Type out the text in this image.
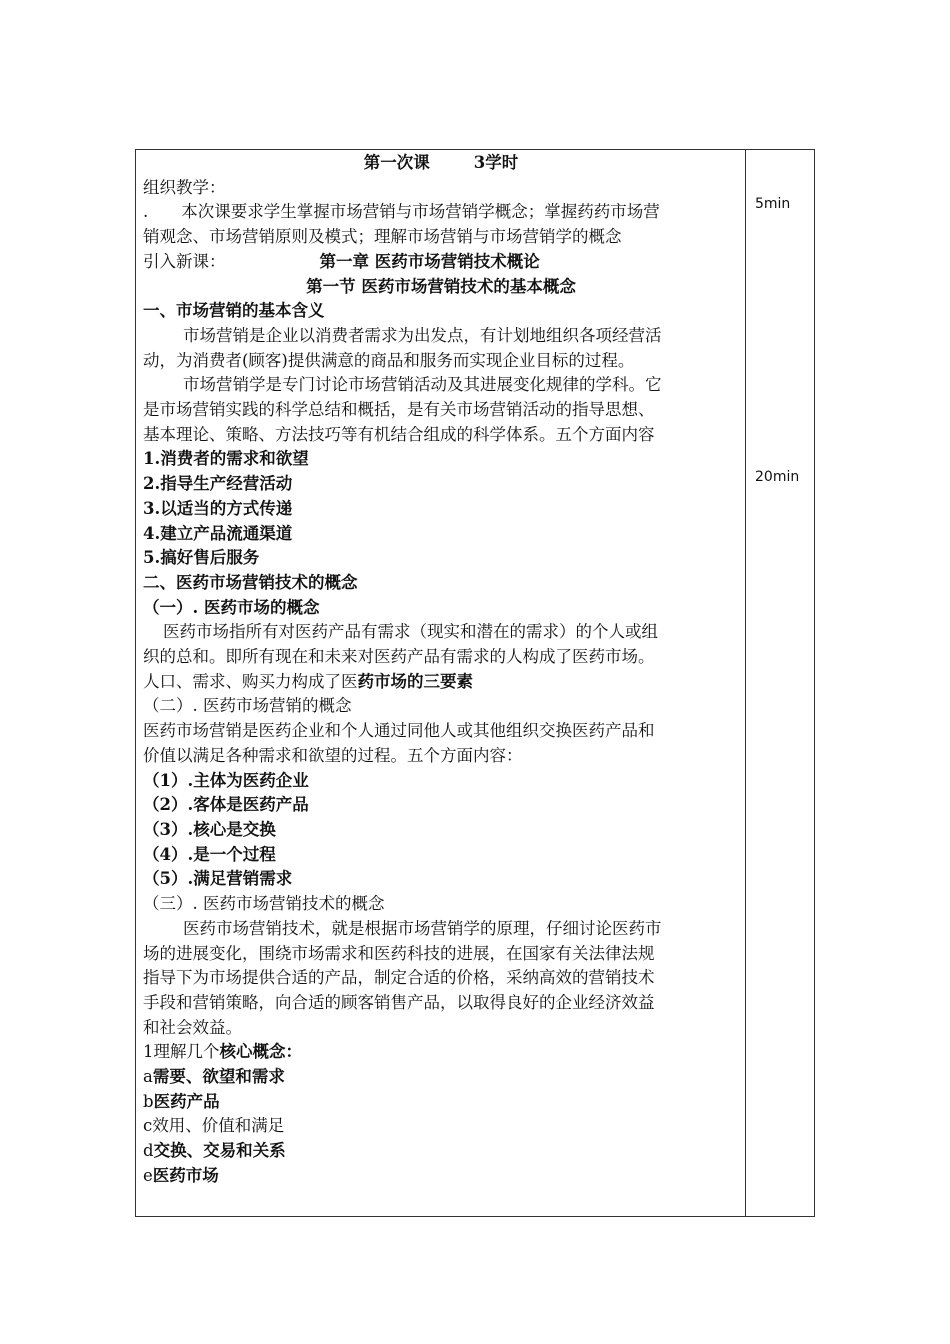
5min
20min
第一次课	3学时
组织教学：
. 本次课要求学生掌握市场营销与市场营销学概念；掌握药药市场营
销观念、市场营销原则及模式；理解市场营销与市场营销学的概念
引入新课：	第一章 医药市场营销技术概论
第一节 医药市场营销技术的基本概念
一、市场营销的基本含义
市场营销是企业以消费者需求为出发点，有计划地组织各项经营活
动，为消费者(顾客)提供满意的商品和服务而实现企业目标的过程。
市场营销学是专门讨论市场营销活动及其进展变化规律的学科。它
是市场营销实践的科学总结和概括，是有关市场营销活动的指导思想、
基本理论、策略、方法技巧等有机结合组成的科学体系。五个方面内容
1.消费者的需求和欲望
2.指导生产经营活动
3.以适当的方式传递
4.建立产品流通渠道
5.搞好售后服务
二、医药市场营销技术的概念
（一）. 医药市场的概念
医药市场指所有对医药产品有需求（现实和潜在的需求）的个人或组
织的总和。即所有现在和未来对医药产品有需求的人构成了医药市场。
人口、需求、购买力构成了医药市场的三要素
（二）. 医药市场营销的概念
医药市场营销是医药企业和个人通过同他人或其他组织交换医药产品和
价值以满足各种需求和欲望的过程。五个方面内容：
（1）.主体为医药企业
（2）.客体是医药产品
（3）.核心是交换
（4）.是一个过程
（5）.满足营销需求
（三）. 医药市场营销技术的概念
医药市场营销技术，就是根据市场营销学的原理，仔细讨论医药市
场的进展变化，围绕市场需求和医药科技的进展，在国家有关法律法规
指导下为市场提供合适的产品，制定合适的价格，采纳高效的营销技术
手段和营销策略，向合适的顾客销售产品，以取得良好的企业经济效益
和社会效益。
1理解几个核心概念：
a需要、欲望和需求
b医药产品
c效用、价值和满足
d交换、交易和关系
e医药市场
